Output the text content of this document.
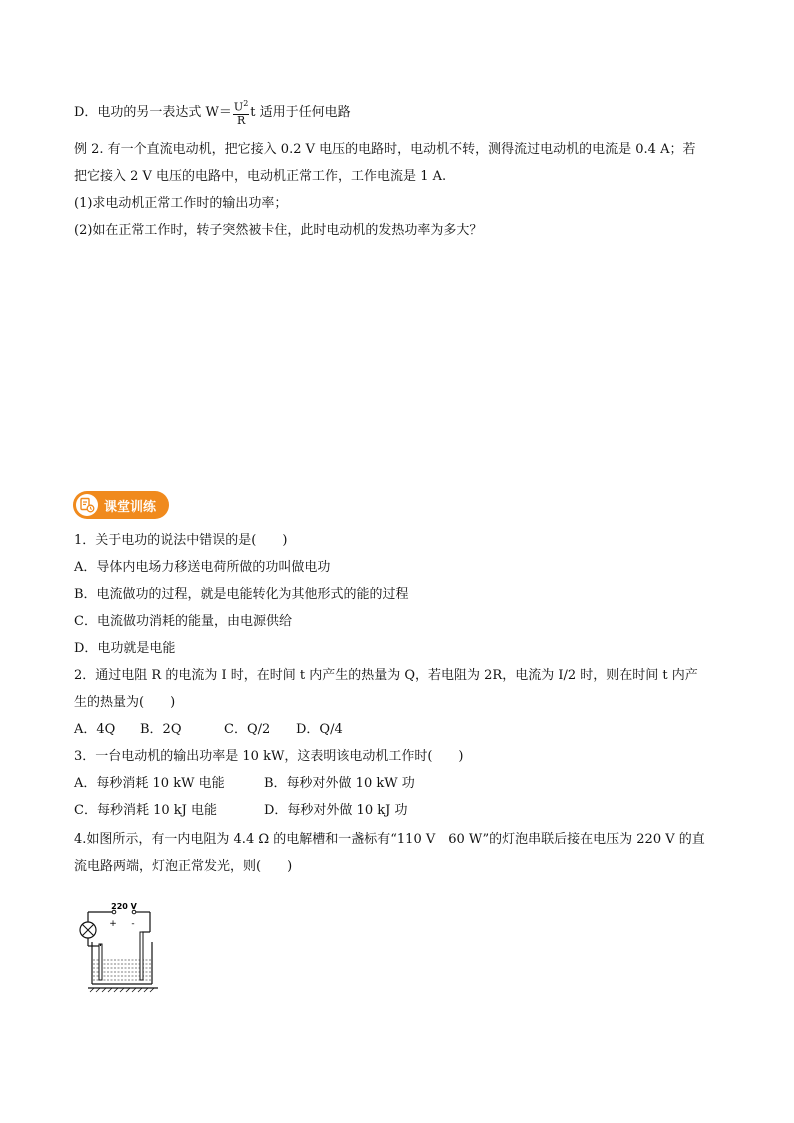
D．电功的另一表达式 $W= \frac{U^2}{R}$ t 适用于任何电路
例 2. 有一个直流电动机，把它接入 0.2 V 电压的电路时，电动机不转，测得流过电动机的电流是 0.4 A；若
把它接入 2 V 电压的电路中，电动机正常工作，工作电流是 1 A.
(1)求电动机正常工作时的输出功率；
(2)如在正常工作时，转子突然被卡住，此时电动机的发热功率为多大？
课堂训练
1．关于电功的说法中错误的是(　　)
A．导体内电场力移送电荷所做的功叫做电功
B．电流做功的过程，就是电能转化为其他形式的能的过程
C．电流做功消耗的能量，由电源供给
D．电功就是电能
2．通过电阻 R 的电流为 I 时，在时间 t 内产生的热量为 Q，若电阻为 2R，电流为 I/2 时，则在时间 t 内产
生的热量为(　　)
A．4Q B．2Q	C．Q/2 D．Q/4
3．一台电动机的输出功率是 10 kW，这表明该电动机工作时(　　)
A．每秒消耗 10 kW 电能	B．每秒对外做 10 kW 功
C．每秒消耗 10 kJ 电能	D．每秒对外做 10 kJ 功
4.如图所示，有一内电阻为 4.4 Ω 的电解槽和一盏标有“110 V　60 W”的灯泡串联后接在电压为 220 V 的直
流电路两端，灯泡正常发光，则(　　)
220 V
+ -
